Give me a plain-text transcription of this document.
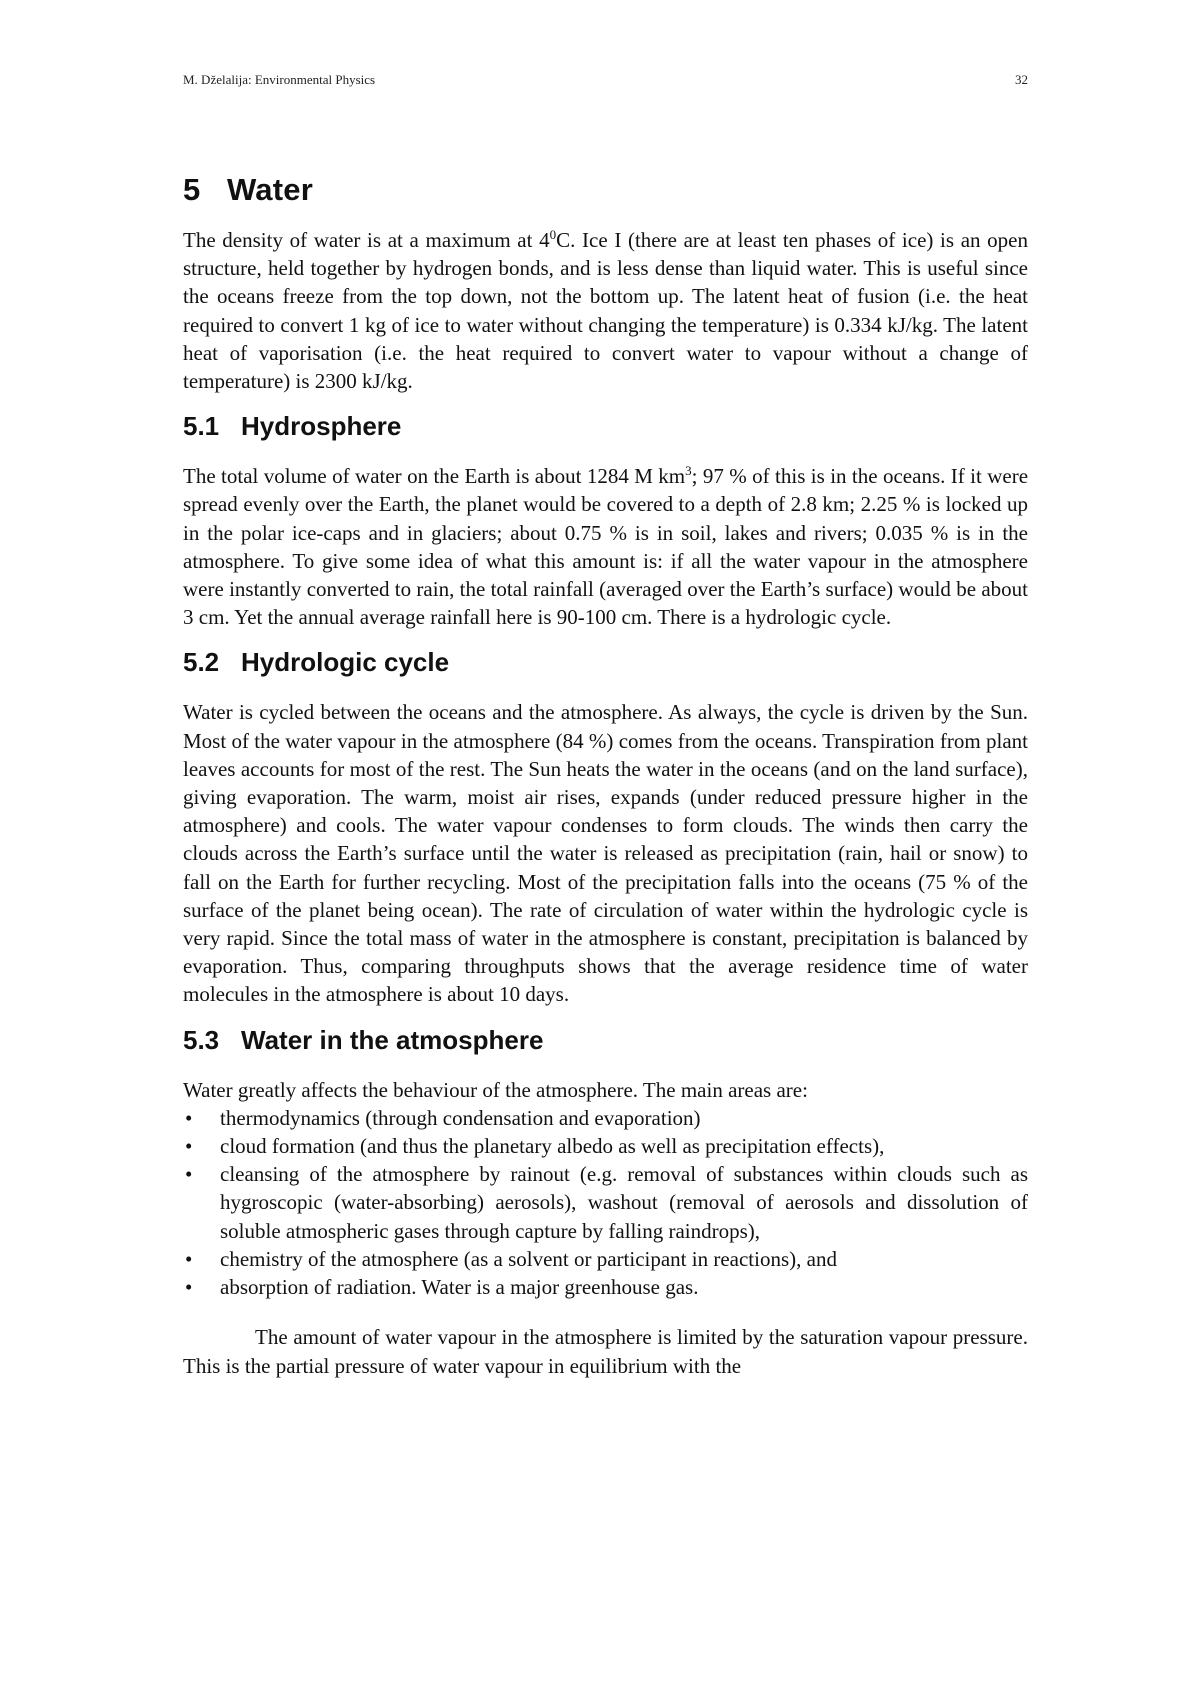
M. Dželalija: Environmental Physics	32
5 Water

The density of water is at a maximum at $4^0C$. Ice I (there are at least ten phases of ice) is an open structure, held together by hydrogen bonds, and is less dense than liquid water. This is useful since the oceans freeze from the top down, not the bottom up. The latent heat of fusion (i.e. the heat required to convert 1 kg of ice to water without changing the temperature) is 0.334 kJ/kg. The latent heat of vaporisation (i.e. the heat required to convert water to vapour without a change of temperature) is 2300 kJ/kg.

5.1 Hydrosphere

The total volume of water on the Earth is about 1284 M $km^3$; 97 % of this is in the oceans. If it were spread evenly over the Earth, the planet would be covered to a depth of 2.8 km; 2.25 % is locked up in the polar ice-caps and in glaciers; about 0.75 % is in soil, lakes and rivers; 0.035 % is in the atmosphere. To give some idea of what this amount is: if all the water vapour in the atmosphere were instantly converted to rain, the total rainfall (averaged over the Earth’s surface) would be about 3 cm. Yet the annual average rainfall here is 90-100 cm. There is a hydrologic cycle.

5.2 Hydrologic cycle

Water is cycled between the oceans and the atmosphere. As always, the cycle is driven by the Sun. Most of the water vapour in the atmosphere (84 %) comes from the oceans. Transpiration from plant leaves accounts for most of the rest. The Sun heats the water in the oceans (and on the land surface), giving evaporation. The warm, moist air rises, expands (under reduced pressure higher in the atmosphere) and cools. The water vapour condenses to form clouds. The winds then carry the clouds across the Earth’s surface until the water is released as precipitation (rain, hail or snow) to fall on the Earth for further recycling. Most of the precipitation falls into the oceans (75 % of the surface of the planet being ocean). The rate of circulation of water within the hydrologic cycle is very rapid. Since the total mass of water in the atmosphere is constant, precipitation is balanced by evaporation. Thus, comparing throughputs shows that the average residence time of water molecules in the atmosphere is about 10 days.

5.3 Water in the atmosphere

Water greatly affects the behaviour of the atmosphere. The main areas are:

• thermodynamics (through condensation and evaporation)
• cloud formation (and thus the planetary albedo as well as precipitation effects),
• cleansing of the atmosphere by rainout (e.g. removal of substances within clouds such as hygroscopic (water-absorbing) aerosols), washout (removal of aerosols and dissolution of soluble atmospheric gases through capture by falling raindrops),
• chemistry of the atmosphere (as a solvent or participant in reactions), and
• absorption of radiation. Water is a major greenhouse gas.

The amount of water vapour in the atmosphere is limited by the saturation vapour pressure. This is the partial pressure of water vapour in equilibrium with the
